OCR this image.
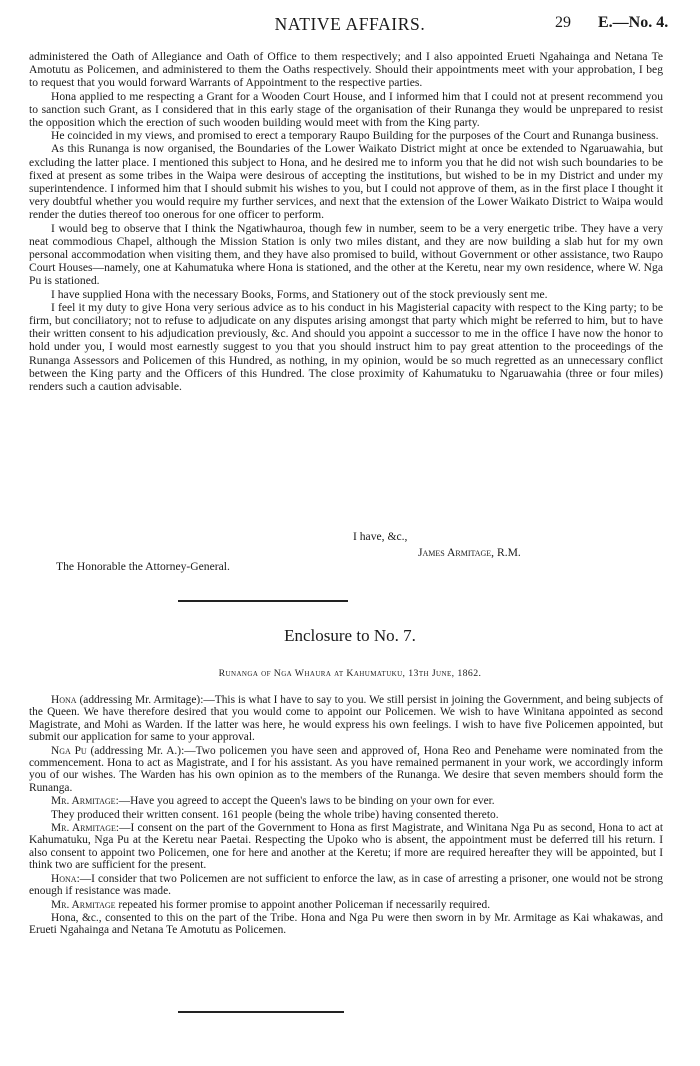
NATIVE AFFAIRS.	29 E.—No. 4.

administered the Oath of Allegiance and Oath of Office to them respectively; and I also appointed Erueti Ngahainga and Netana Te Amotutu as Policemen, and administered to them the Oaths respectively. Should their appointments meet with your approbation, I beg to request that you would forward Warrants of Appointment to the respective parties.

Hona applied to me respecting a Grant for a Wooden Court House, and I informed him that I could not at present recommend you to sanction such Grant, as I considered that in this early stage of the organisation of their Runanga they would be unprepared to resist the opposition which the erection of such wooden building would meet with from the King party.

He coincided in my views, and promised to erect a temporary Raupo Building for the purposes of the Court and Runanga business.

As this Runanga is now organised, the Boundaries of the Lower Waikato District might at once be extended to Ngaruawahia, but excluding the latter place. I mentioned this subject to Hona, and he desired me to inform you that he did not wish such boundaries to be fixed at present as some tribes in the Waipa were desirous of accepting the institutions, but wished to be in my District and under my superintendence. I informed him that I should submit his wishes to you, but I could not approve of them, as in the first place I thought it very doubtful whether you would require my further services, and next that the extension of the Lower Waikato District to Waipa would render the duties thereof too onerous for one officer to perform.

I would beg to observe that I think the Ngatiwhauroa, though few in number, seem to be a very energetic tribe. They have a very neat commodious Chapel, although the Mission Station is only two miles distant, and they are now building a slab hut for my own personal accommodation when visiting them, and they have also promised to build, without Government or other assistance, two Raupo Court Houses—namely, one at Kahumatuka where Hona is stationed, and the other at the Keretu, near my own residence, where W. Nga Pu is stationed.

I have supplied Hona with the necessary Books, Forms, and Stationery out of the stock previously sent me.

I feel it my duty to give Hona very serious advice as to his conduct in his Magisterial capacity with respect to the King party; to be firm, but conciliatory; not to refuse to adjudicate on any disputes arising amongst that party which might be referred to him, but to have their written consent to his adjudication previously, &c. And should you appoint a successor to me in the office I have now the honor to hold under you, I would most earnestly suggest to you that you should instruct him to pay great attention to the proceedings of the Runanga Assessors and Policemen of this Hundred, as nothing, in my opinion, would be so much regretted as an unnecessary conflict between the King party and the Officers of this Hundred. The close proximity of Kahumatuku to Ngaruawahia (three or four miles) renders such a caution advisable.

I have, &c.,
James Armitage, R.M.
The Honorable the Attorney-General.
Enclosure to No. 7.
Runanga of Nga Whaura at Kahumatuku, 13th June, 1862.

Hona (addressing Mr. Armitage):—This is what I have to say to you. We still persist in joining the Government, and being subjects of the Queen. We have therefore desired that you would come to appoint our Policemen. We wish to have Winitana appointed as second Magistrate, and Mohi as Warden. If the latter was here, he would express his own feelings. I wish to have five Policemen appointed, but submit our application for same to your approval.

Nga Pu (addressing Mr. A.):—Two policemen you have seen and approved of, Hona Reo and Penehame were nominated from the commencement. Hona to act as Magistrate, and I for his assistant. As you have remained permanent in your work, we accordingly inform you of our wishes. The Warden has his own opinion as to the members of the Runanga. We desire that seven members should form the Runanga.

Mr. Armitage:—Have you agreed to accept the Queen's laws to be binding on your own for ever.

They produced their written consent. 161 people (being the whole tribe) having consented thereto.

Mr. Armitage:—I consent on the part of the Government to Hona as first Magistrate, and Winitana Nga Pu as second, Hona to act at Kahumatuku, Nga Pu at the Keretu near Paetai. Respecting the Upoko who is absent, the appointment must be deferred till his return. I also consent to appoint two Policemen, one for here and another at the Keretu; if more are required hereafter they will be appointed, but I think two are sufficient for the present.

Hona:—I consider that two Policemen are not sufficient to enforce the law, as in case of arresting a prisoner, one would not be strong enough if resistance was made.

Mr. Armitage repeated his former promise to appoint another Policeman if necessarily required.

Hona, &c., consented to this on the part of the Tribe. Hona and Nga Pu were then sworn in by Mr. Armitage as Kai whakawas, and Erueti Ngahainga and Netana Te Amotutu as Policemen.
